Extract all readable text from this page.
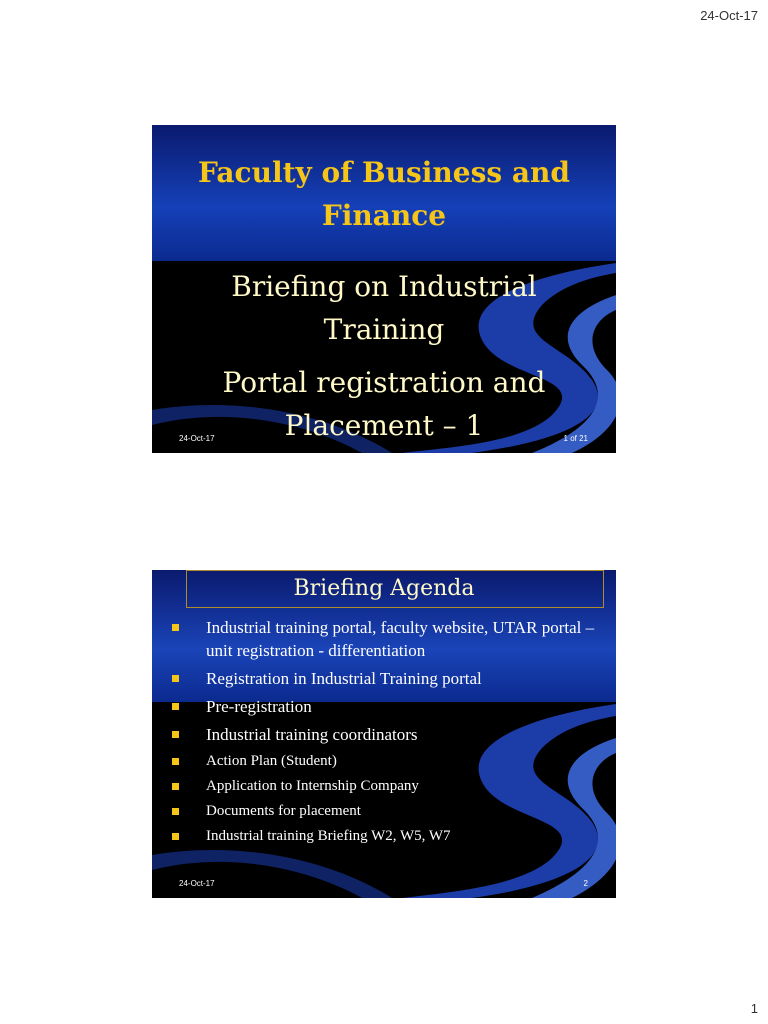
24-Oct-17
Faculty of Business and
Finance
Briefing on Industrial
Training
Portal registration and
Placement – 1
24-Oct-17	1 of 21
Briefing Agenda
Industrial training portal, faculty website, UTAR portal – unit registration - differentiation
Registration in Industrial Training portal
Pre-registration
Industrial training coordinators
Action Plan (Student)
Application to Internship Company
Documents for placement
Industrial training Briefing W2, W5, W7
24-Oct-17	2
1
